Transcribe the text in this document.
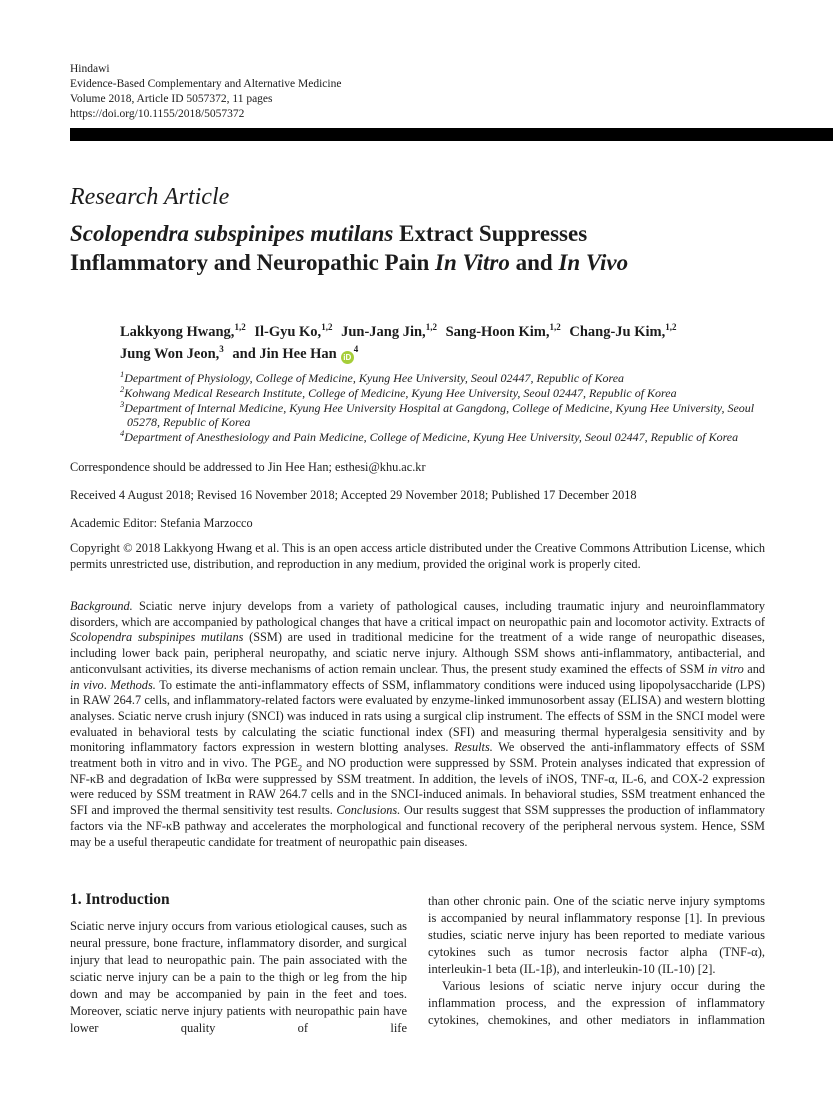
Hindawi
Evidence-Based Complementary and Alternative Medicine
Volume 2018, Article ID 5057372, 11 pages
https://doi.org/10.1155/2018/5057372
Research Article
Scolopendra subspinipes mutilans Extract Suppresses
Inflammatory and Neuropathic Pain In Vitro and In Vivo
Lakkyong Hwang,$^{1,2}$ Il-Gyu Ko,$^{1,2}$ Jun-Jang Jin,$^{1,2}$ Sang-Hoon Kim,$^{1,2}$ Chang-Ju Kim,$^{1,2}$
Jung Won Jeon,$^3$ and Jin Hee Han $iD^4$
$^1$Department of Physiology, College of Medicine, Kyung Hee University, Seoul 02447, Republic of Korea
$^2$Kohwang Medical Research Institute, College of Medicine, Kyung Hee University, Seoul 02447, Republic of Korea
$^3$Department of Internal Medicine, Kyung Hee University Hospital at Gangdong, College of Medicine, Kyung Hee University, Seoul 05278, Republic of Korea
$^4$Department of Anesthesiology and Pain Medicine, College of Medicine, Kyung Hee University, Seoul 02447, Republic of Korea
Correspondence should be addressed to Jin Hee Han; esthesi@khu.ac.kr
Received 4 August 2018; Revised 16 November 2018; Accepted 29 November 2018; Published 17 December 2018
Academic Editor: Stefania Marzocco
Copyright © 2018 Lakkyong Hwang et al. This is an open access article distributed under the Creative Commons Attribution License, which permits unrestricted use, distribution, and reproduction in any medium, provided the original work is properly cited.

Background. Sciatic nerve injury develops from a variety of pathological causes, including traumatic injury and neuroinflammatory disorders, which are accompanied by pathological changes that have a critical impact on neuropathic pain and locomotor activity. Extracts of Scolopendra subspinipes mutilans (SSM) are used in traditional medicine for the treatment of a wide range of neuropathic diseases, including lower back pain, peripheral neuropathy, and sciatic nerve injury. Although SSM shows anti-inflammatory, antibacterial, and anticonvulsant activities, its diverse mechanisms of action remain unclear. Thus, the present study examined the effects of SSM in vitro and in vivo. Methods. To estimate the anti-inflammatory effects of SSM, inflammatory conditions were induced using lipopolysaccharide (LPS) in RAW 264.7 cells, and inflammatory-related factors were evaluated by enzyme-linked immunosorbent assay (ELISA) and western blotting analyses. Sciatic nerve crush injury (SNCI) was induced in rats using a surgical clip instrument. The effects of SSM in the SNCI model were evaluated in behavioral tests by calculating the sciatic functional index (SFI) and measuring thermal hyperalgesia sensitivity and by monitoring inflammatory factors expression in western blotting analyses. Results. We observed the anti-inflammatory effects of SSM treatment both in vitro and in vivo. The $PGE_2$ and NO production were suppressed by SSM. Protein analyses indicated that expression of NF-κB and degradation of IκBα were suppressed by SSM treatment. In addition, the levels of iNOS, TNF-α, IL-6, and COX-2 expression were reduced by SSM treatment in RAW 264.7 cells and in the SNCI-induced animals. In behavioral studies, SSM treatment enhanced the SFI and improved the thermal sensitivity test results. Conclusions. Our results suggest that SSM suppresses the production of inflammatory factors via the NF-κB pathway and accelerates the morphological and functional recovery of the peripheral nervous system. Hence, SSM may be a useful therapeutic candidate for treatment of neuropathic pain diseases.

1. Introduction

Sciatic nerve injury occurs from various etiological causes, such as neural pressure, bone fracture, inflammatory disorder, and surgical injury that lead to neuropathic pain. The pain associated with the sciatic nerve injury can be a pain to the thigh or leg from the hip down and may be accompanied by pain in the feet and toes. Moreover, sciatic nerve injury patients with neuropathic pain have lower quality of life

than other chronic pain. One of the sciatic nerve injury symptoms is accompanied by neural inflammatory response [1]. In previous studies, sciatic nerve injury has been reported to mediate various cytokines such as tumor necrosis factor alpha (TNF-α), interleukin-1 beta (IL-1β), and interleukin-10 (IL-10) [2].

Various lesions of sciatic nerve injury occur during the inflammation process, and the expression of inflammatory cytokines, chemokines, and other mediators in inflammation
